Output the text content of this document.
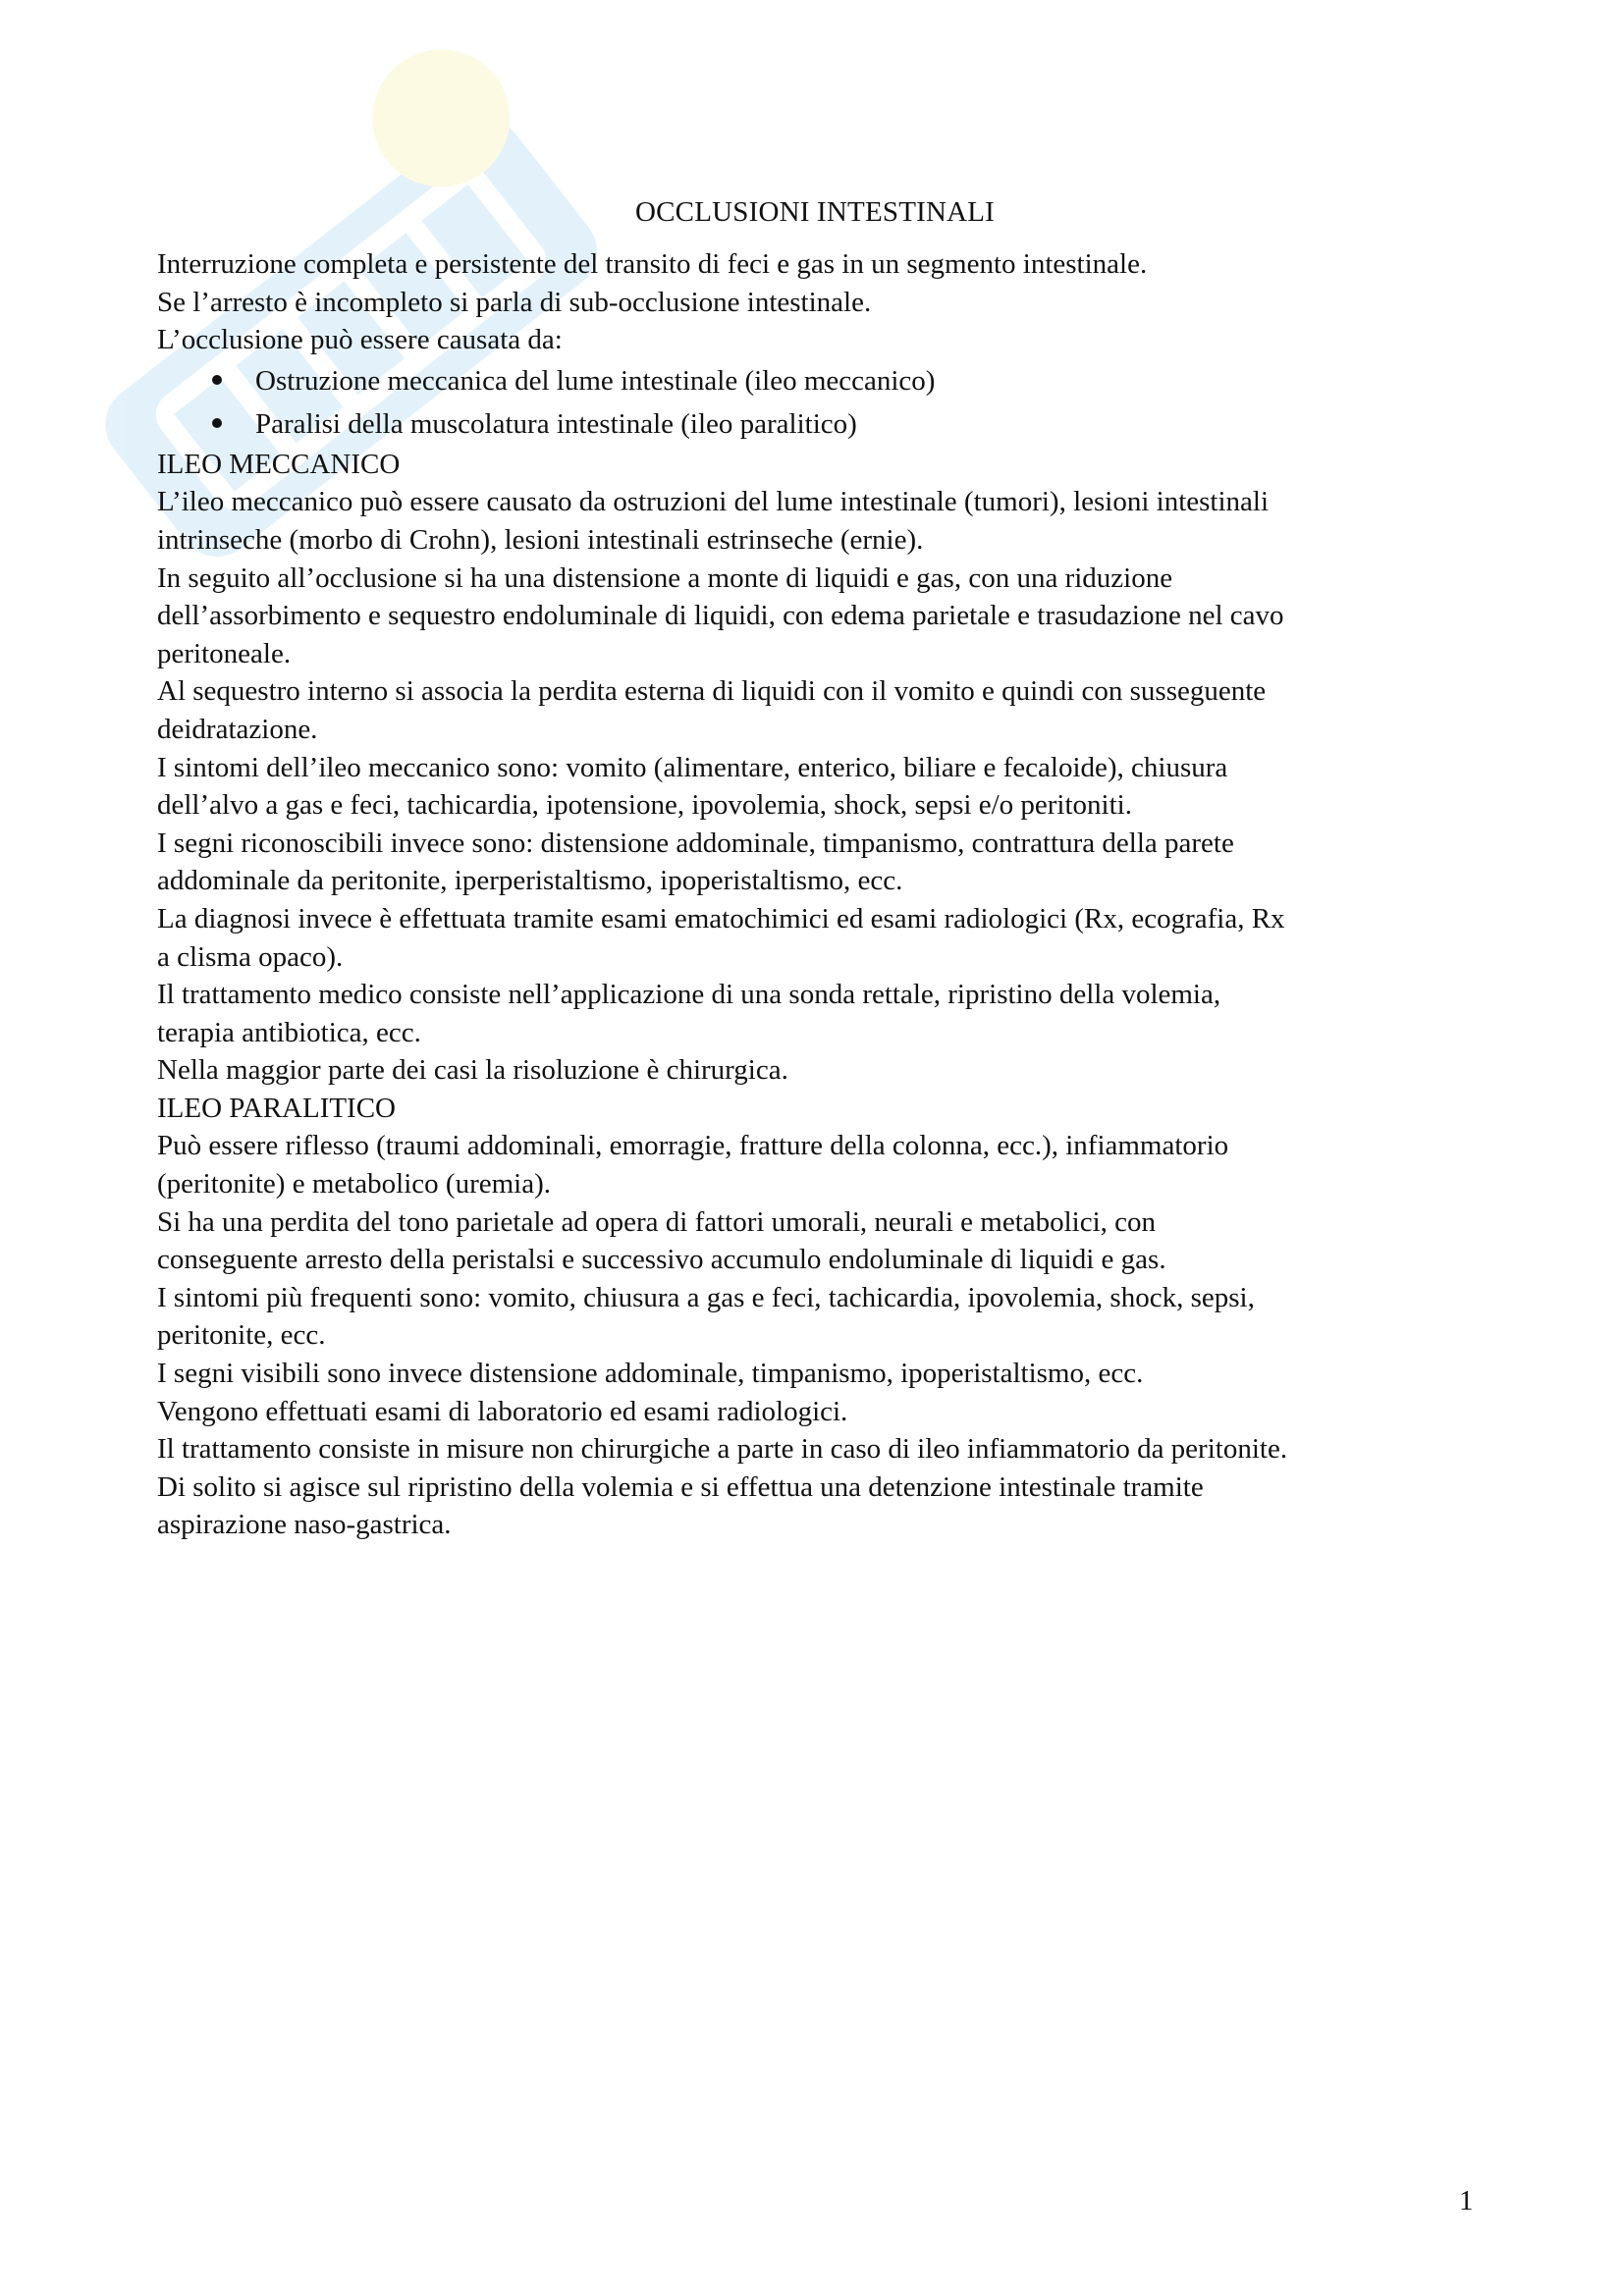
OCCLUSIONI INTESTINALI

Interruzione completa e persistente del transito di feci e gas in un segmento intestinale.

Se l’arresto è incompleto si parla di sub-occlusione intestinale.

L’occlusione può essere causata da:

Ostruzione meccanica del lume intestinale (ileo meccanico)
Paralisi della muscolatura intestinale (ileo paralitico)
ILEO MECCANICO

L’ileo meccanico può essere causato da ostruzioni del lume intestinale (tumori), lesioni intestinali

intrinseche (morbo di Crohn), lesioni intestinali estrinseche (ernie).

In seguito all’occlusione si ha una distensione a monte di liquidi e gas, con una riduzione

dell’assorbimento e sequestro endoluminale di liquidi, con edema parietale e trasudazione nel cavo

peritoneale.

Al sequestro interno si associa la perdita esterna di liquidi con il vomito e quindi con susseguente

deidratazione.

I sintomi dell’ileo meccanico sono: vomito (alimentare, enterico, biliare e fecaloide), chiusura

dell’alvo a gas e feci, tachicardia, ipotensione, ipovolemia, shock, sepsi e/o peritoniti.

I segni riconoscibili invece sono: distensione addominale, timpanismo, contrattura della parete

addominale da peritonite, iperperistaltismo, ipoperistaltismo, ecc.

La diagnosi invece è effettuata tramite esami ematochimici ed esami radiologici (Rx, ecografia, Rx

a clisma opaco).

Il trattamento medico consiste nell’applicazione di una sonda rettale, ripristino della volemia,

terapia antibiotica, ecc.

Nella maggior parte dei casi la risoluzione è chirurgica.

ILEO PARALITICO

Può essere riflesso (traumi addominali, emorragie, fratture della colonna, ecc.), infiammatorio

(peritonite) e metabolico (uremia).

Si ha una perdita del tono parietale ad opera di fattori umorali, neurali e metabolici, con

conseguente arresto della peristalsi e successivo accumulo endoluminale di liquidi e gas.

I sintomi più frequenti sono: vomito, chiusura a gas e feci, tachicardia, ipovolemia, shock, sepsi,

peritonite, ecc.

I segni visibili sono invece distensione addominale, timpanismo, ipoperistaltismo, ecc.

Vengono effettuati esami di laboratorio ed esami radiologici.

Il trattamento consiste in misure non chirurgiche a parte in caso di ileo infiammatorio da peritonite.

Di solito si agisce sul ripristino della volemia e si effettua una detenzione intestinale tramite

aspirazione naso-gastrica.

1
